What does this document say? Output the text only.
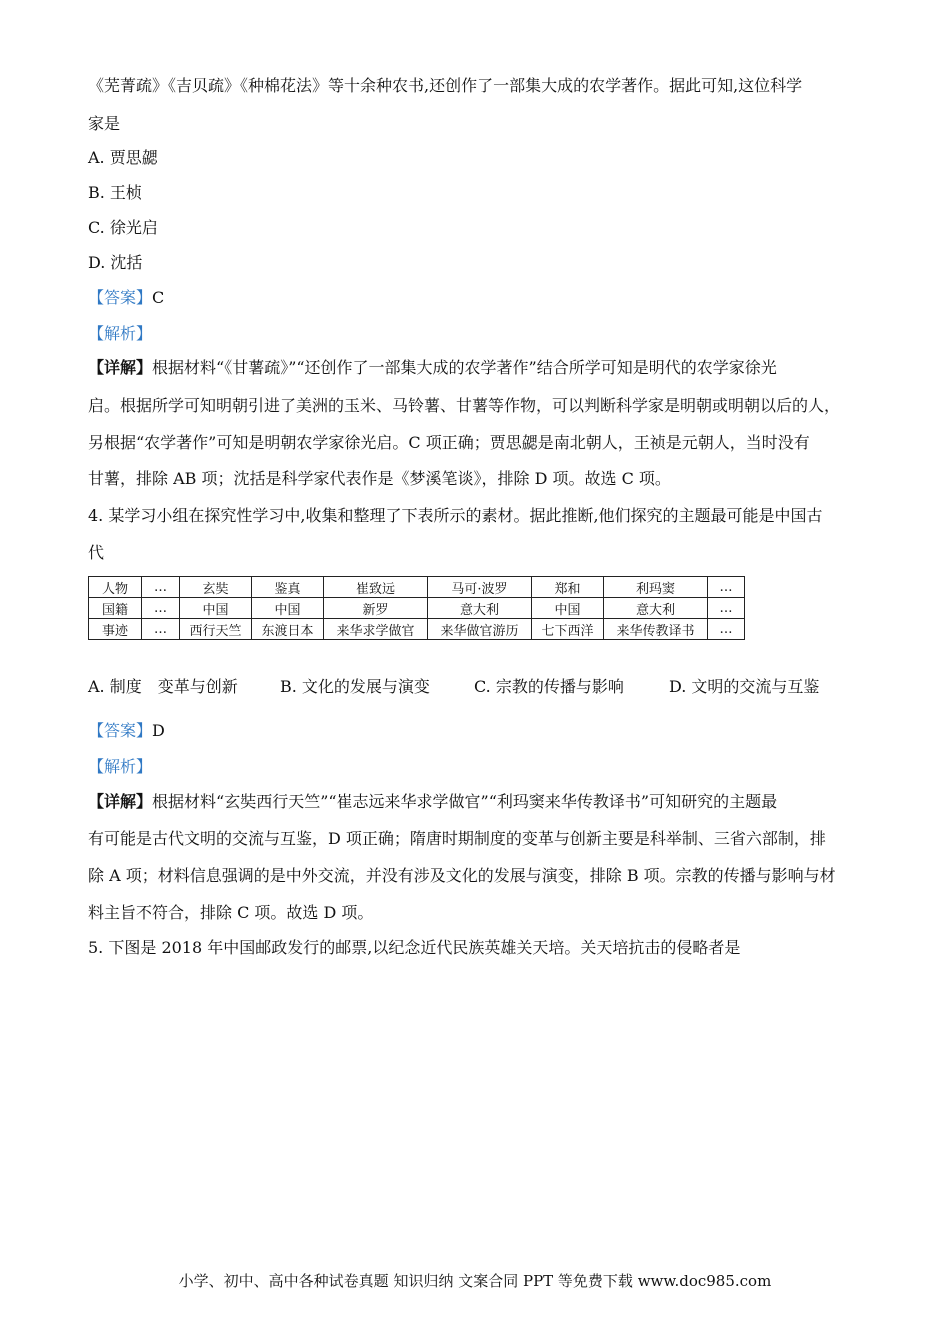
《芜菁疏》《吉贝疏》《种棉花法》等十余种农书,还创作了一部集大成的农学著作。据此可知,这位科学
家是
A. 贾思勰
B. 王桢
C. 徐光启
D. 沈括
【答案】C
【解析】
【详解】根据材料“《甘薯疏》”“还创作了一部集大成的农学著作”结合所学可知是明代的农学家徐光
启。根据所学可知明朝引进了美洲的玉米、马铃薯、甘薯等作物，可以判断科学家是明朝或明朝以后的人，
另根据“农学著作”可知是明朝农学家徐光启。C 项正确；贾思勰是南北朝人，王祯是元朝人，当时没有
甘薯，排除 AB 项；沈括是科学家代表作是《梦溪笔谈》，排除 D 项。故选 C 项。
4. 某学习小组在探究性学习中,收集和整理了下表所示的素材。据此推断,他们探究的主题最可能是中国古
代
人物	…	玄奘	鉴真	崔致远	马可·波罗	郑和	利玛窦	…
国籍	…	中国	中国	新罗	意大利	中国	意大利	…
事迹	…	西行天竺	东渡日本	来华求学做官	来华做官游历	七下西洋	来华传教译书	…
A. 制度　变革与创新	B. 文化的发展与演变	C. 宗教的传播与影响	D. 文明的交流与互鉴
【答案】D
【解析】
【详解】根据材料“玄奘西行天竺”“崔志远来华求学做官”“利玛窦来华传教译书”可知研究的主题最
有可能是古代文明的交流与互鉴，D 项正确；隋唐时期制度的变革与创新主要是科举制、三省六部制，排
除 A 项；材料信息强调的是中外交流，并没有涉及文化的发展与演变，排除 B 项。宗教的传播与影响与材
料主旨不符合，排除 C 项。故选 D 项。
5. 下图是 2018 年中国邮政发行的邮票,以纪念近代民族英雄关天培。关天培抗击的侵略者是
小学、初中、高中各种试卷真题 知识归纳 文案合同 PPT 等免费下载 www.doc985.com
